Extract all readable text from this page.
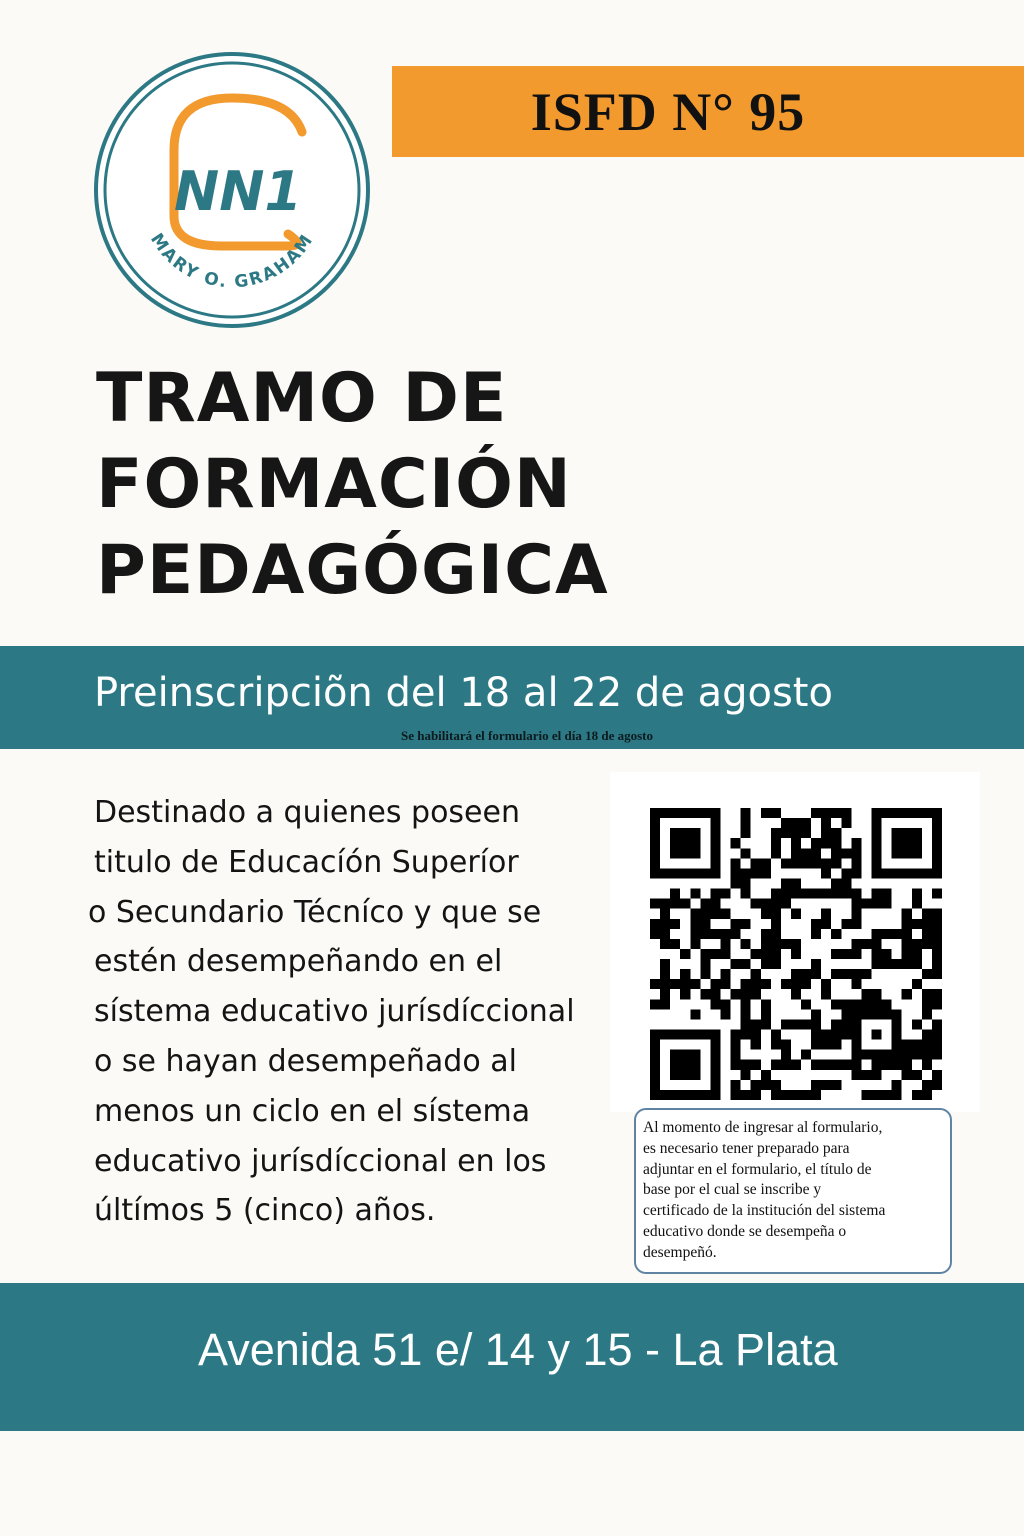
NN1
MARY O. GRAHAM
ISFD N° 95
TRAMO DE
FORMACIÓN
PEDAGÓGICA
Preinscripciõn del 18 al 22 de agosto
Se habilitará el formulario el día 18 de agosto
Destinado a quienes poseen
titulo de Educacíón Superíor
o Secundario Técníco y que se
estén desempeñando en el
sístema educativo jurísdíccional
o se hayan desempeñado al
menos un ciclo en el sístema
educativo jurísdíccional en los
últímos 5 (cinco) años.
Al momento de ingresar al formulario,
es necesario tener preparado para
adjuntar en el formulario, el título de
base por el cual se inscribe y
certificado de la institución del sistema
educativo donde se desempeña o
desempeñó.
Avenida 51 e/ 14 y 15 - La Plata
